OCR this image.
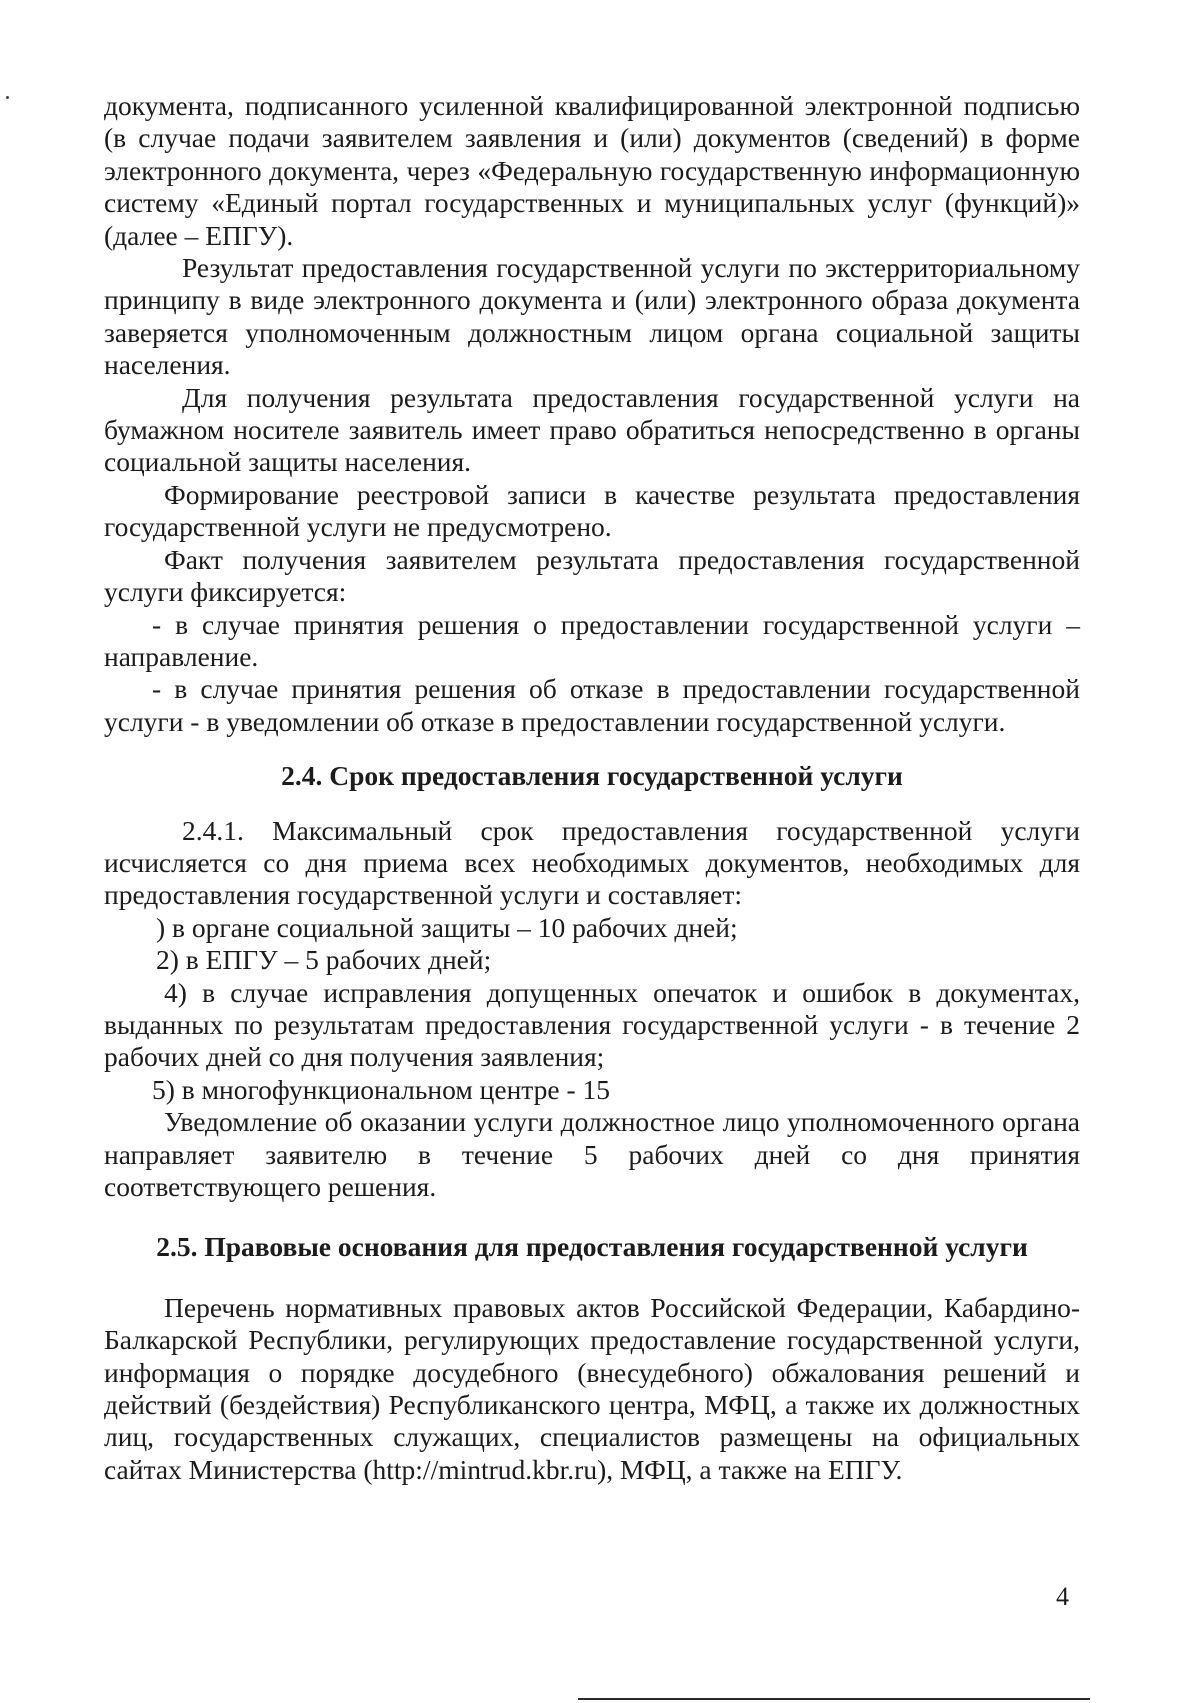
документа, подписанного усиленной квалифицированной электронной подписью (в случае подачи заявителем заявления и (или) документов (сведений) в форме электронного документа, через «Федеральную государственную информационную систему «Единый портал государственных и муниципальных услуг (функций)» (далее – ЕПГУ).

Результат предоставления государственной услуги по экстерриториальному принципу в виде электронного документа и (или) электронного образа документа заверяется уполномоченным должностным лицом органа социальной защиты населения.

Для получения результата предоставления государственной услуги на бумажном носителе заявитель имеет право обратиться непосредственно в органы социальной защиты населения.

Формирование реестровой записи в качестве результата предоставления государственной услуги не предусмотрено.

Факт получения заявителем результата предоставления государственной услуги фиксируется:

- в случае принятия решения о предоставлении государственной услуги – направление.

- в случае принятия решения об отказе в предоставлении государственной услуги - в уведомлении об отказе в предоставлении государственной услуги.

2.4. Срок предоставления государственной услуги

2.4.1. Максимальный срок предоставления государственной услуги исчисляется со дня приема всех необходимых документов, необходимых для предоставления государственной услуги и составляет:

) в органе социальной защиты – 10 рабочих дней;

2) в ЕПГУ – 5 рабочих дней;

4) в случае исправления допущенных опечаток и ошибок в документах, выданных по результатам предоставления государственной услуги - в течение 2 рабочих дней со дня получения заявления;

5) в многофункциональном центре - 15

Уведомление об оказании услуги должностное лицо уполномоченного органа направляет заявителю в течение 5 рабочих дней со дня принятия соответствующего решения.

2.5. Правовые основания для предоставления государственной услуги

Перечень нормативных правовых актов Российской Федерации, Кабардино-Балкарской Республики, регулирующих предоставление государственной услуги, информация о порядке досудебного (внесудебного) обжалования решений и действий (бездействия) Республиканского центра, МФЦ, а также их должностных лиц, государственных служащих, специалистов размещены на официальных сайтах Министерства (http://mintrud.kbr.ru), МФЦ, а также на ЕПГУ.

4
